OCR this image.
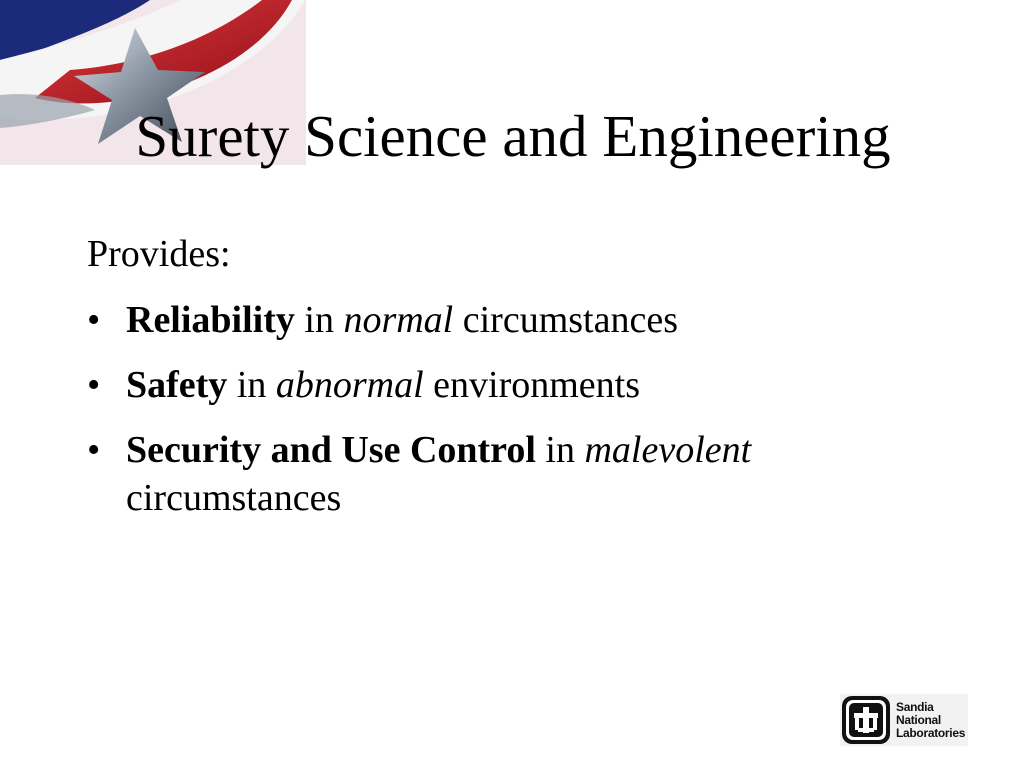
Surety Science and Engineering

Provides:

• Reliability in normal circumstances
• Safety in abnormal environments
• Security and Use Control in malevolent
circumstances
Sandia
National
Laboratories
